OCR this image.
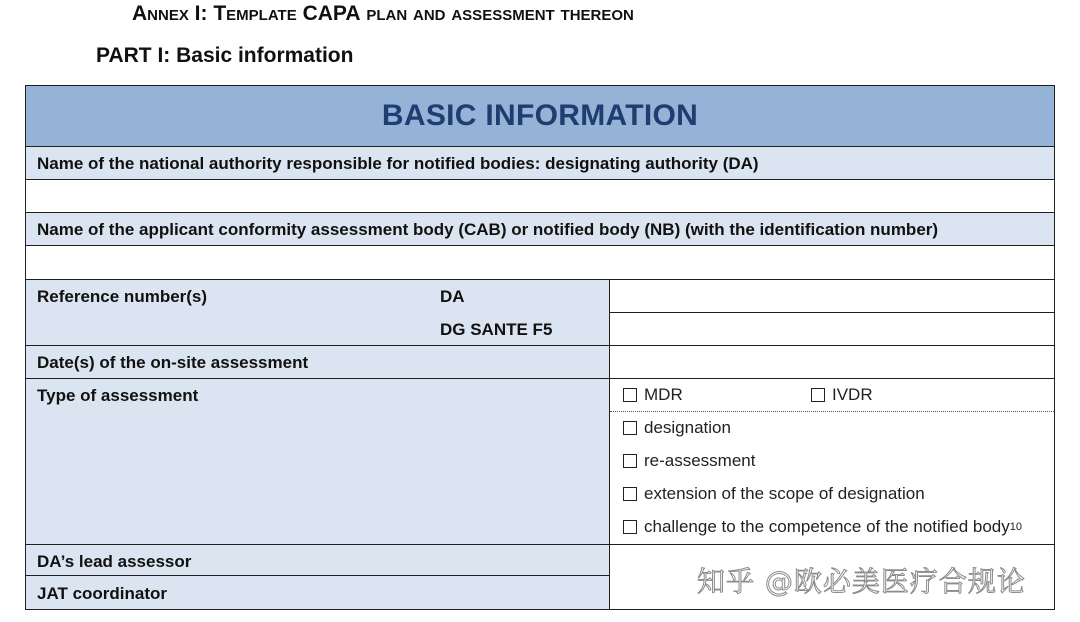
Annex I: Template CAPA plan and assessment thereon
PART I: Basic information
BASIC INFORMATION
Name of the national authority responsible for notified bodies: designating authority (DA)
Name of the applicant conformity assessment body (CAB) or notified body (NB) (with the identification number)
Reference number(s)	DA
DG SANTE F5
Date(s) of the on-site assessment
Type of assessment	MDR	IVDR
designation
re-assessment
extension of the scope of designation
challenge to the competence of the notified body 10
DA’s lead assessor
JAT coordinator	知乎 @欧必美医疗合规论
